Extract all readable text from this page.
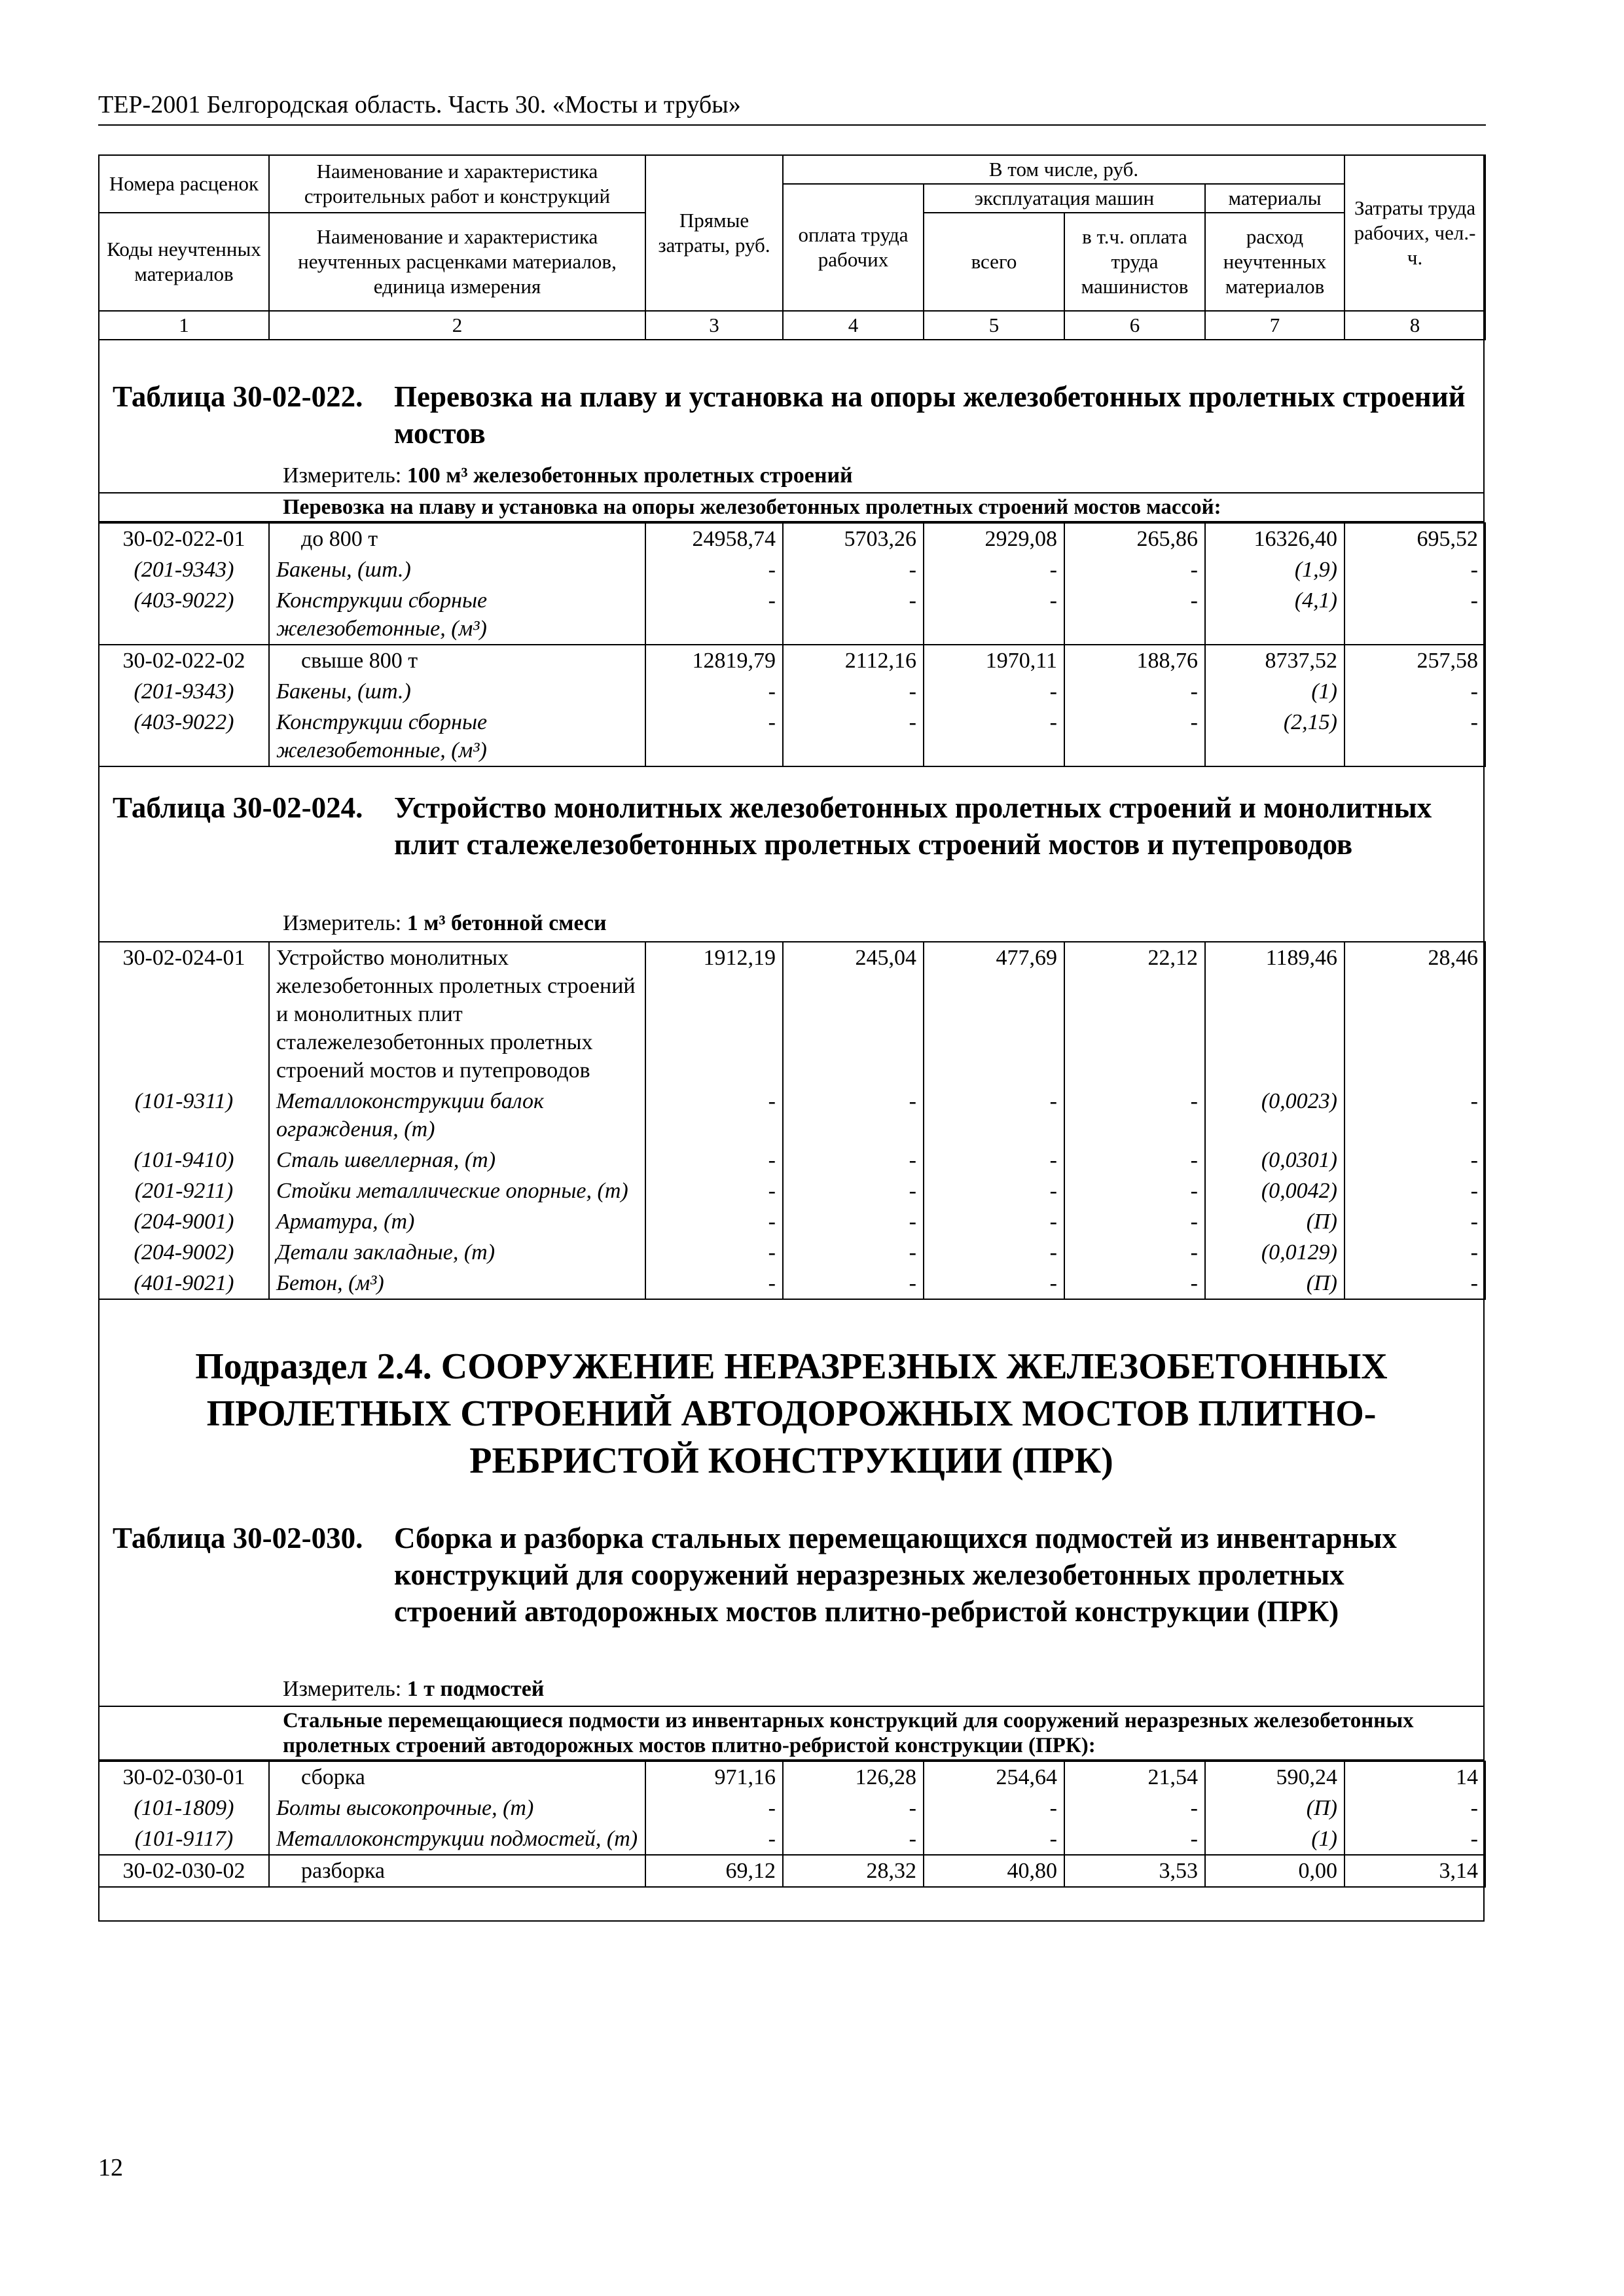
ТЕР-2001 Белгородская область. Часть 30. «Мосты и трубы»
Номера расценок	Наименование и характеристика строительных работ и конструкций	Прямые затраты, руб.	В том числе, руб.				Затраты труда рабочих, чел.-ч.
			оплата труда рабочих	эксплуатация машин		материалы	
Коды неучтенных материалов	Наименование и характеристика неучтенных расценками материалов, единица измерения			всего	в т.ч. оплата труда машинистов	расход неучтенных материалов	

1	2	3	4	5	6	7	8
Таблица 30-02-022. Перевозка на плаву и установка на опоры железобетонных пролетных строений мостов
Измеритель: 100 м³ железобетонных пролетных строений
Перевозка на плаву и установка на опоры железобетонных пролетных строений мостов массой:
30-02-022-01	до 800 т	24958,74	5703,26	2929,08	265,86	16326,40	695,52
(201-9343)	Бакены, (шт.)	-	-	-	-	(1,9)	-
(403-9022)	Конструкции сборные железобетонные, (м³)	-	-	-	-	(4,1)	-
30-02-022-02	свыше 800 т	12819,79	2112,16	1970,11	188,76	8737,52	257,58
(201-9343)	Бакены, (шт.)	-	-	-	-	(1)	-
(403-9022)	Конструкции сборные железобетонные, (м³)	-	-	-	-	(2,15)	-
Таблица 30-02-024. Устройство монолитных железобетонных пролетных строений и монолитных плит сталежелезобетонных пролетных строений мостов и путепроводов
Измеритель: 1 м³ бетонной смеси
30-02-024-01	Устройство монолитных железобетонных пролетных строений и монолитных плит сталежелезобетонных пролетных строений мостов и путепроводов	1912,19	245,04	477,69	22,12	1189,46	28,46
(101-9311)	Металлоконструкции балок ограждения, (т)	-	-	-	-	(0,0023)	-
(101-9410)	Сталь швеллерная, (т)	-	-	-	-	(0,0301)	-
(201-9211)	Стойки металлические опорные, (т)	-	-	-	-	(0,0042)	-
(204-9001)	Арматура, (т)	-	-	-	-	(П)	-
(204-9002)	Детали закладные, (т)	-	-	-	-	(0,0129)	-
(401-9021)	Бетон, (м³)	-	-	-	-	(П)	-
Подраздел 2.4. СООРУЖЕНИЕ НЕРАЗРЕЗНЫХ ЖЕЛЕЗОБЕТОННЫХ ПРОЛЕТНЫХ СТРОЕНИЙ АВТОДОРОЖНЫХ МОСТОВ ПЛИТНО-РЕБРИСТОЙ КОНСТРУКЦИИ (ПРК)
Таблица 30-02-030. Сборка и разборка стальных перемещающихся подмостей из инвентарных конструкций для сооружений неразрезных железобетонных пролетных строений автодорожных мостов плитно-ребристой конструкции (ПРК)
Измеритель: 1 т подмостей
Стальные перемещающиеся подмости из инвентарных конструкций для сооружений неразрезных железобетонных пролетных строений автодорожных мостов плитно-ребристой конструкции (ПРК):
30-02-030-01	сборка	971,16	126,28	254,64	21,54	590,24	14
(101-1809)	Болты высокопрочные, (т)	-	-	-	-	(П)	-
(101-9117)	Металлоконструкции подмостей, (т)	-	-	-	-	(1)	-
30-02-030-02	разборка	69,12	28,32	40,80	3,53	0,00	3,14
12
